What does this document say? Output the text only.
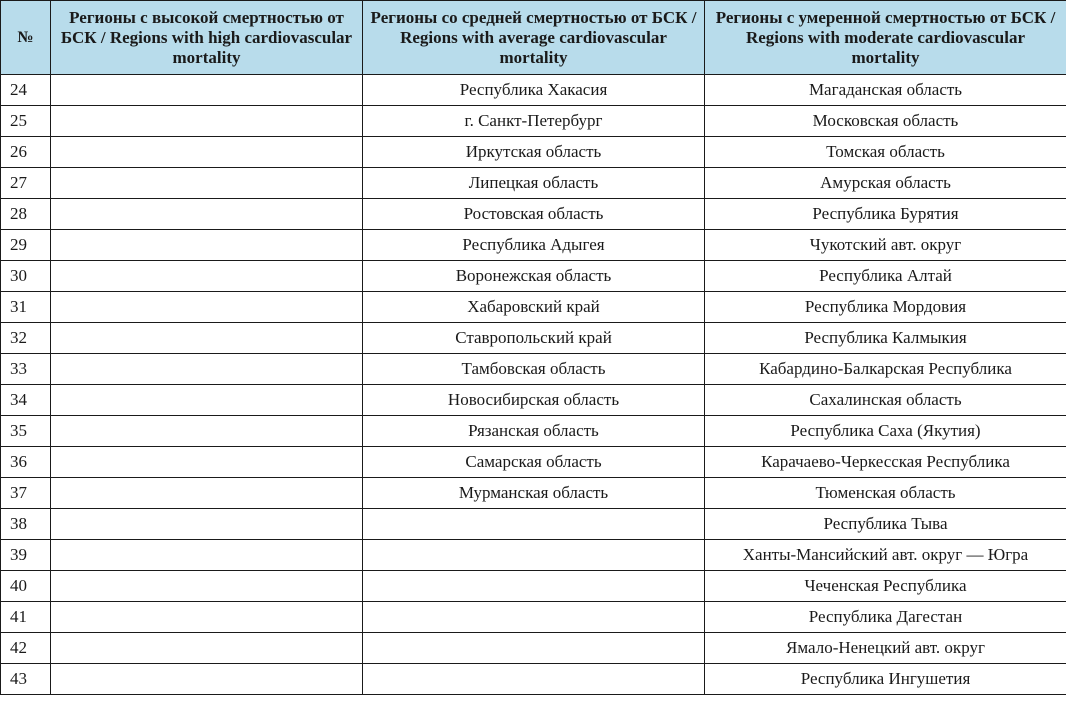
№	Регионы с высокой смертностью от БСК / Regions with high cardiovascular mortality	Регионы со средней смертностью от БСК / Regions with average cardiovascular mortality	Регионы с умеренной смертностью от БСК / Regions with moderate cardiovascular mortality
24		Республика Хакасия	Магаданская область
25		г. Санкт-Петербург	Московская область
26		Иркутская область	Томская область
27		Липецкая область	Амурская область
28		Ростовская область	Республика Бурятия
29		Республика Адыгея	Чукотский авт. округ
30		Воронежская область	Республика Алтай
31		Хабаровский край	Республика Мордовия
32		Ставропольский край	Республика Калмыкия
33		Тамбовская область	Кабардино-Балкарская Республика
34		Новосибирская область	Сахалинская область
35		Рязанская область	Республика Саха (Якутия)
36		Самарская область	Карачаево-Черкесская Республика
37		Мурманская область	Тюменская область
38			Республика Тыва
39			Ханты-Мансийский авт. округ — Югра
40			Чеченская Республика
41			Республика Дагестан
42			Ямало-Ненецкий авт. округ
43			Республика Ингушетия
